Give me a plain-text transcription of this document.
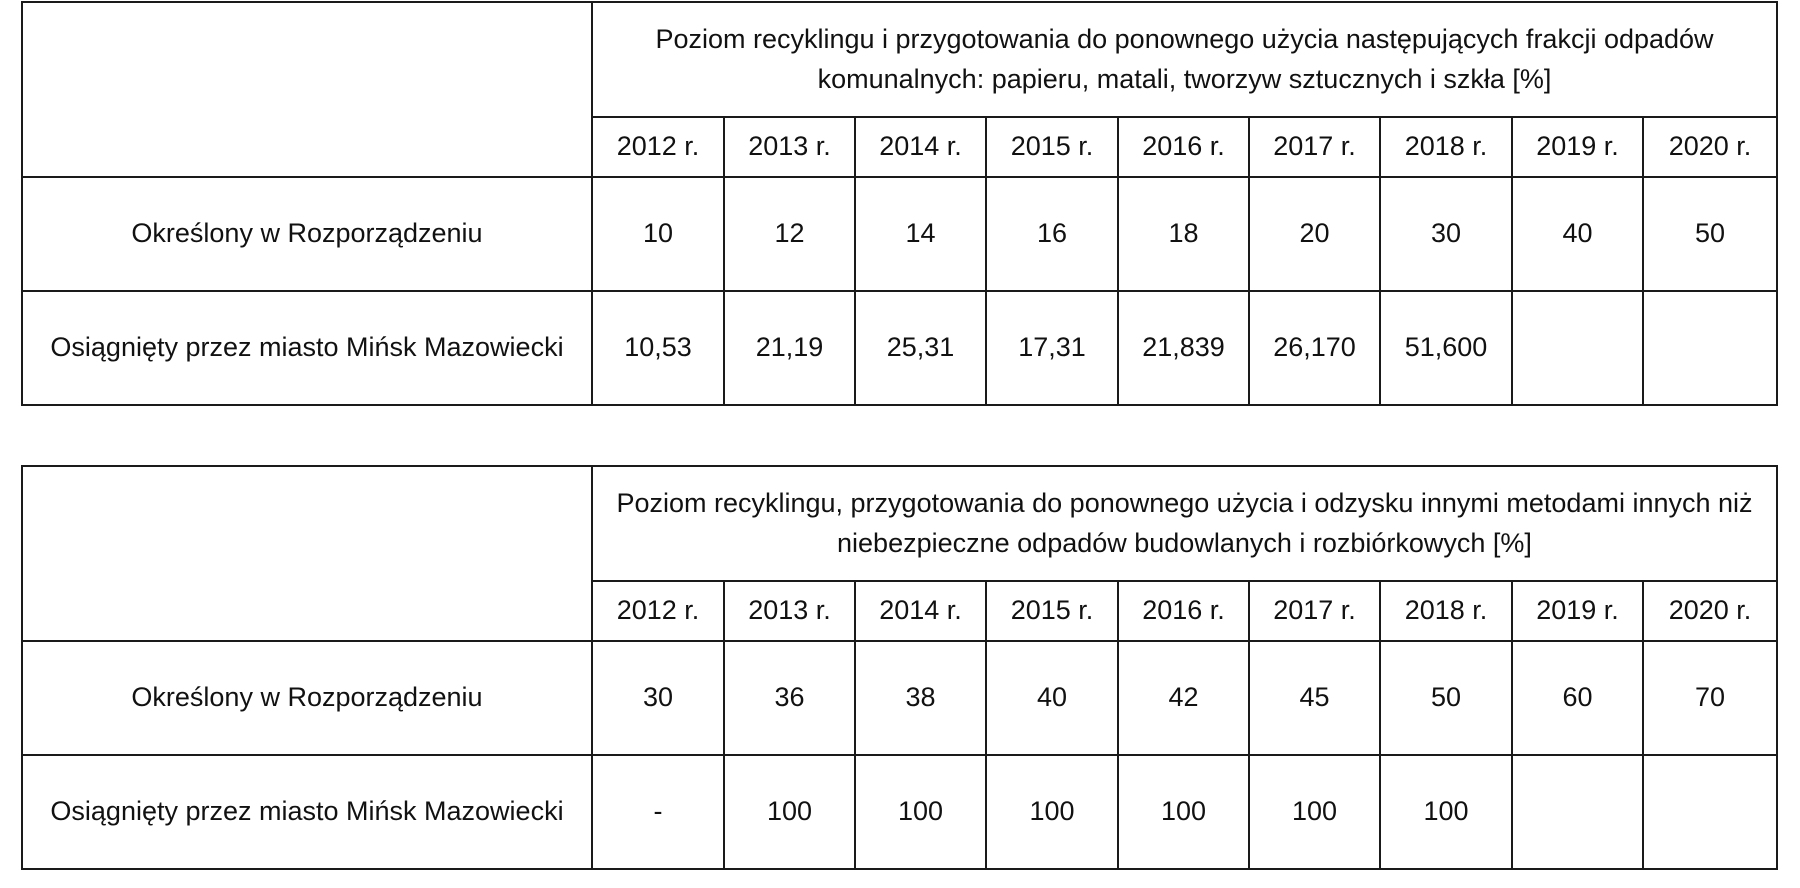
	Poziom recyklingu i przygotowania do ponownego użycia następujących frakcji odpadów komunalnych: papieru, matali, tworzyw sztucznych i szkła [%]								
	2012 r.	2013 r.	2014 r.	2015 r.	2016 r.	2017 r.	2018 r.	2019 r.	2020 r.
Określony w Rozporządzeniu	10	12	14	16	18	20	30	40	50
Osiągnięty przez miasto Mińsk Mazowiecki	10,53	21,19	25,31	17,31	21,839	26,170	51,600		
	Poziom recyklingu, przygotowania do ponownego użycia i odzysku innymi metodami innych niż niebezpieczne odpadów budowlanych i rozbiórkowych [%]								
	2012 r.	2013 r.	2014 r.	2015 r.	2016 r.	2017 r.	2018 r.	2019 r.	2020 r.
Określony w Rozporządzeniu	30	36	38	40	42	45	50	60	70
Osiągnięty przez miasto Mińsk Mazowiecki	-	100	100	100	100	100	100		
